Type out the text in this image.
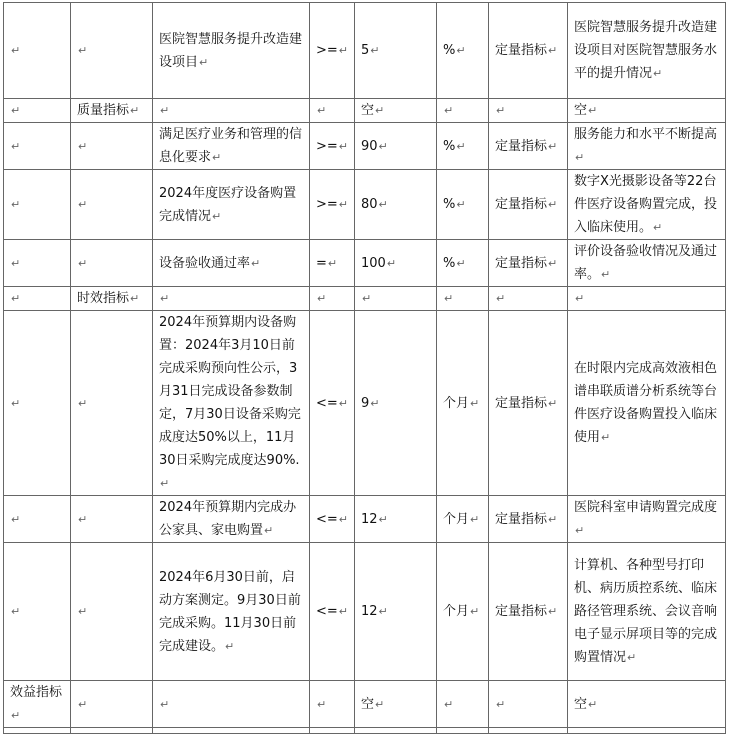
↵	↵	医院智慧服务提升改造建设项目↵	>=↵	5↵	%↵	定量指标↵	医院智慧服务提升改造建设项目对医院智慧服务水平的提升情况↵
↵	质量指标↵	↵	↵	空↵	↵	↵	空↵
↵	↵	满足医疗业务和管理的信息化要求↵	>=↵	90↵	%↵	定量指标↵	服务能力和水平不断提高↵
↵	↵	2024年度医疗设备购置完成情况↵	>=↵	80↵	%↵	定量指标↵	数字X光摄影设备等22台件医疗设备购置完成，投入临床使用。↵
↵	↵	设备验收通过率↵	=↵	100↵	%↵	定量指标↵	评价设备验收情况及通过率。↵
↵	时效指标↵	↵	↵	↵	↵	↵	↵
↵	↵	2024年预算期内设备购置：2024年3月10日前完成采购预向性公示，3月31日完成设备参数制定，7月30日设备采购完成度达50%以上，11月30日采购完成度达90%.↵	<=↵	9↵	个月↵	定量指标↵	在时限内完成高效液相色谱串联质谱分析系统等台件医疗设备购置投入临床使用↵
↵	↵	2024年预算期内完成办公家具、家电购置↵	<=↵	12↵	个月↵	定量指标↵	医院科室申请购置完成度↵
↵	↵	2024年6月30日前，启动方案测定。9月30日前完成采购。11月30日前完成建设。↵	<=↵	12↵	个月↵	定量指标↵	计算机、各种型号打印机、病历质控系统、临床路径管理系统、会议音响电子显示屏项目等的完成购置情况↵
效益指标↵	↵	↵	↵	空↵	↵	↵	空↵
